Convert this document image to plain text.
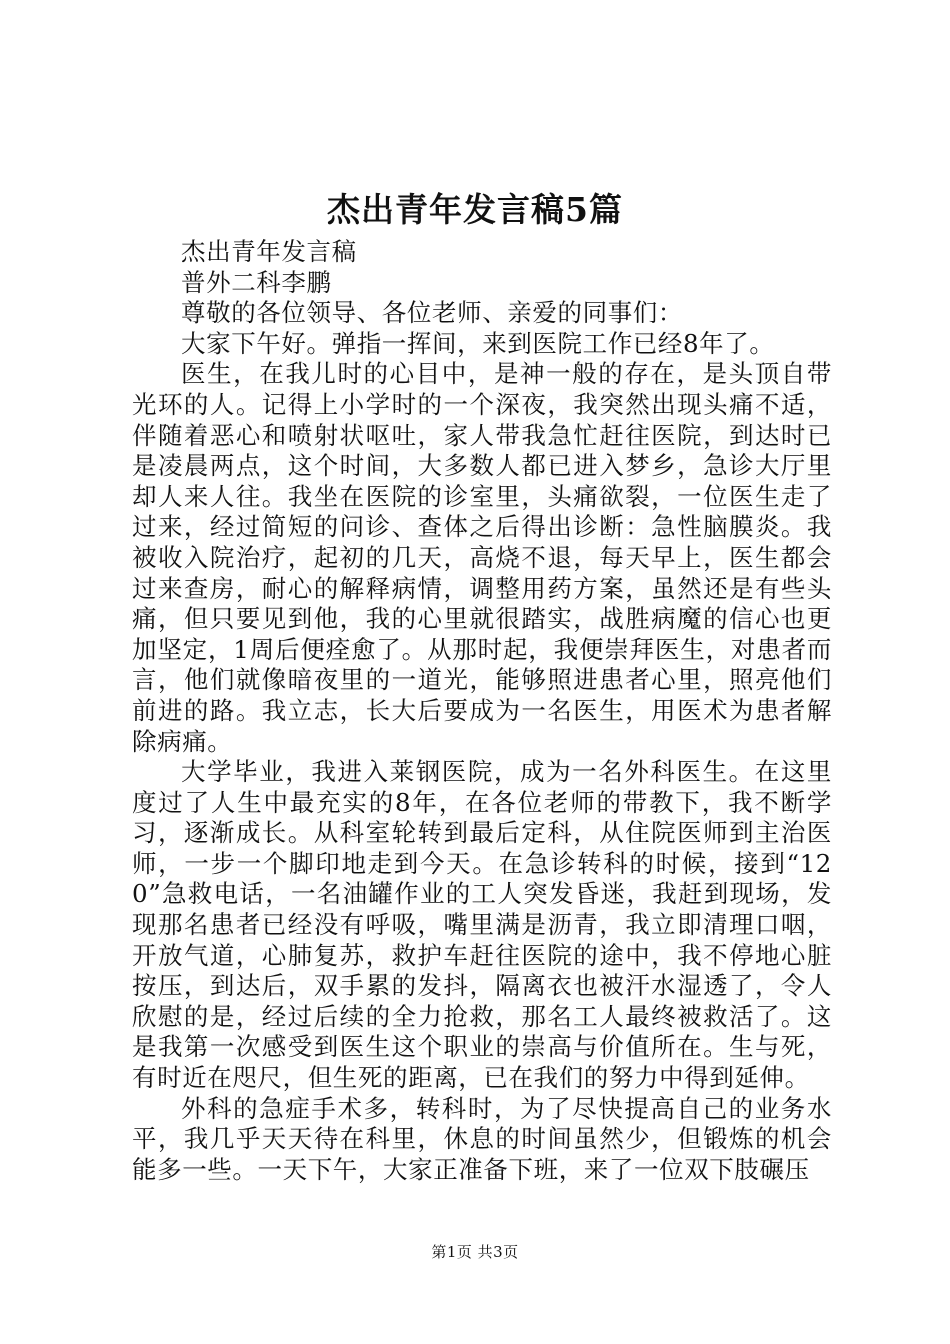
杰出青年发言稿5篇

杰出青年发言稿

普外二科李鹏

尊敬的各位领导、各位老师、亲爱的同事们：

大家下午好。弹指一挥间，来到医院工作已经8年了。

医生，在我儿时的心目中，是神一般的存在，是头顶自带光环的人。记得上小学时的一个深夜，我突然出现头痛不适，伴随着恶心和喷射状呕吐，家人带我急忙赶往医院，到达时已是凌晨两点，这个时间，大多数人都已进入梦乡，急诊大厅里却人来人往。我坐在医院的诊室里，头痛欲裂，一位医生走了过来，经过简短的问诊、查体之后得出诊断：急性脑膜炎。我被收入院治疗，起初的几天，高烧不退，每天早上，医生都会过来查房，耐心的解释病情，调整用药方案，虽然还是有些头痛，但只要见到他，我的心里就很踏实，战胜病魔的信心也更加坚定，1周后便痊愈了。从那时起，我便崇拜医生，对患者而言，他们就像暗夜里的一道光，能够照进患者心里，照亮他们前进的路。我立志，长大后要成为一名医生，用医术为患者解除病痛。

大学毕业，我进入莱钢医院，成为一名外科医生。在这里度过了人生中最充实的8年，在各位老师的带教下，我不断学习，逐渐成长。从科室轮转到最后定科，从住院医师到主治医师，一步一个脚印地走到今天。在急诊转科的时候，接到“120”急救电话，一名油罐作业的工人突发昏迷，我赶到现场，发现那名患者已经没有呼吸，嘴里满是沥青，我立即清理口咽，开放气道，心肺复苏，救护车赶往医院的途中，我不停地心脏按压，到达后，双手累的发抖，隔离衣也被汗水湿透了，令人欣慰的是，经过后续的全力抢救，那名工人最终被救活了。这是我第一次感受到医生这个职业的崇高与价值所在。生与死，有时近在咫尺，但生死的距离，已在我们的努力中得到延伸。

外科的急症手术多，转科时，为了尽快提高自己的业务水平，我几乎天天待在科里，休息的时间虽然少，但锻炼的机会能多一些。一天下午，大家正准备下班，来了一位双下肢碾压

第1页 共3页
